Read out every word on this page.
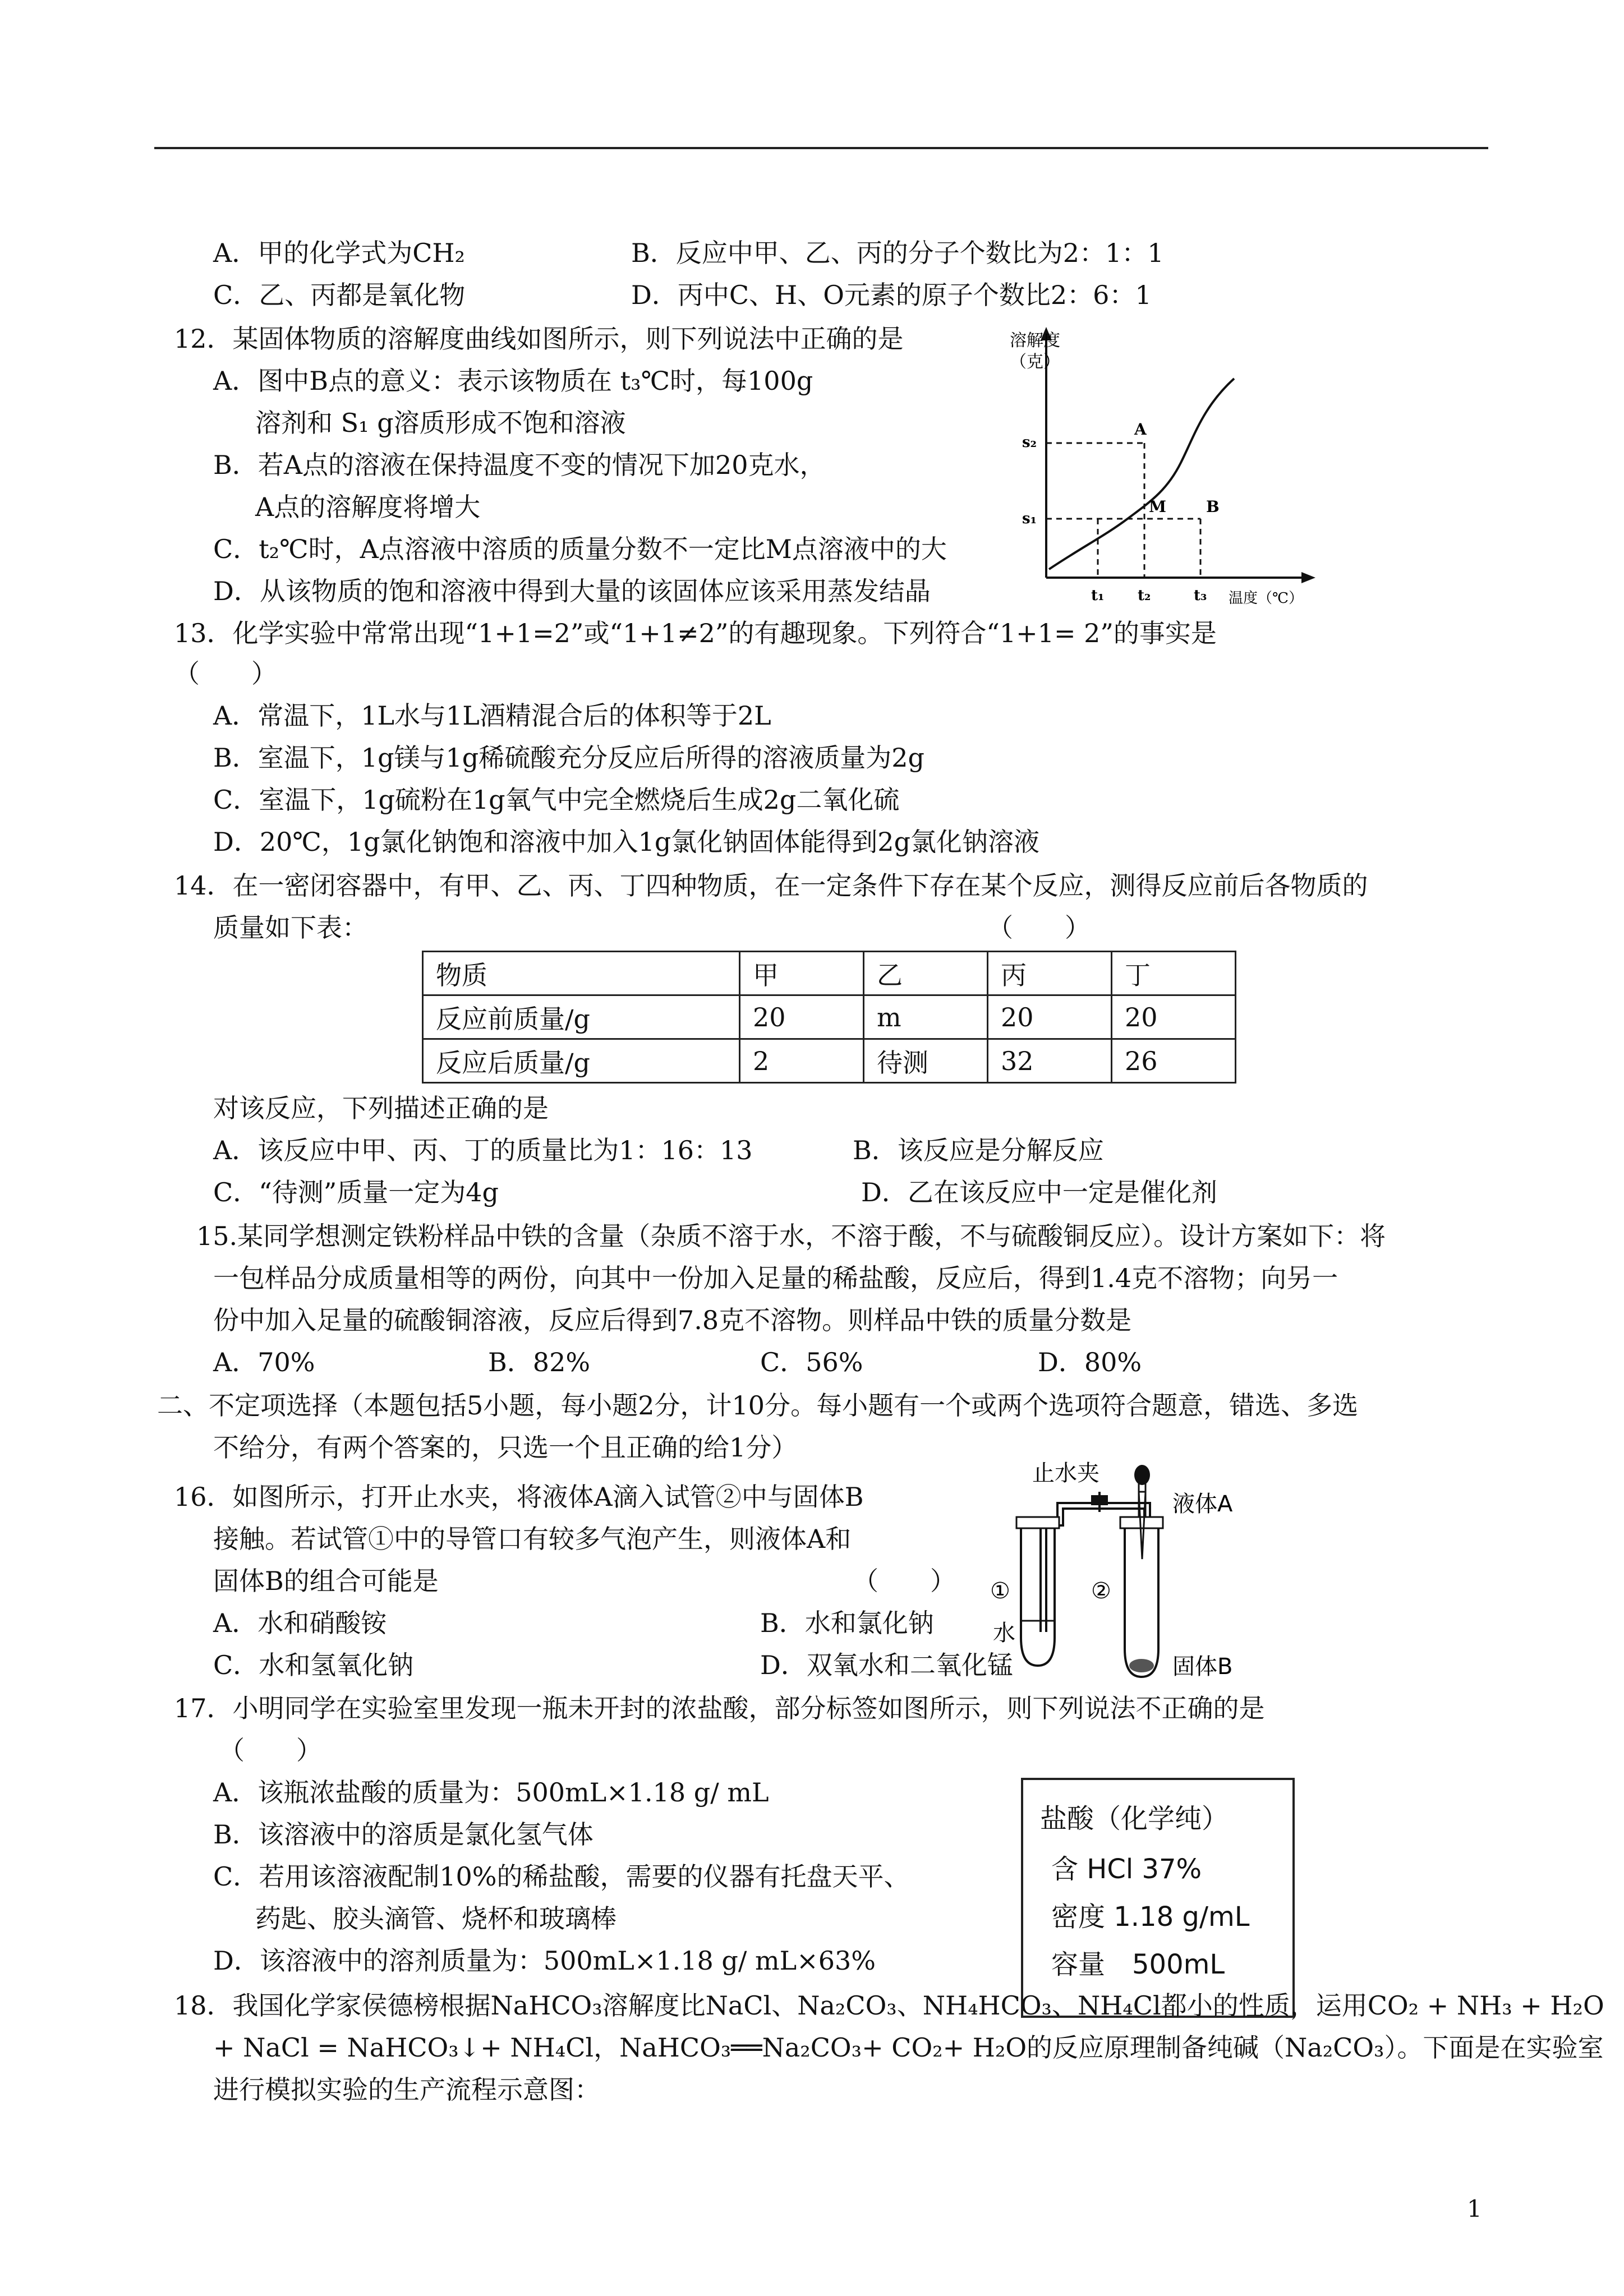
A．甲的化学式为CH₂	B．反应中甲、乙、丙的分子个数比为2：1：1
C．乙、丙都是氧化物	D．丙中C、H、O元素的原子个数比2：6：1
12．某固体物质的溶解度曲线如图所示，则下列说法中正确的是
A．图中B点的意义：表示该物质在 t₃℃时，每100g
溶剂和 S₁ g溶质形成不饱和溶液
B．若A点的溶液在保持温度不变的情况下加20克水，
A点的溶解度将增大
C．t₂℃时，A点溶液中溶质的质量分数不一定比M点溶液中的大
D．从该物质的饱和溶液中得到大量的该固体应该采用蒸发结晶
溶解度
（克）
s₂
s₁
A
M	B
t₁ t₂	t₃ 温度（℃）
13．化学实验中常常出现“1+1=2”或“1+1≠2”的有趣现象。下列符合“1+1= 2”的事实是
（　　）
A．常温下，1L水与1L酒精混合后的体积等于2L
B．室温下，1g镁与1g稀硫酸充分反应后所得的溶液质量为2g
C．室温下，1g硫粉在1g氧气中完全燃烧后生成2g二氧化硫
D．20℃，1g氯化钠饱和溶液中加入1g氯化钠固体能得到2g氯化钠溶液
14．在一密闭容器中，有甲、乙、丙、丁四种物质，在一定条件下存在某个反应，测得反应前后各物质的
质量如下表：	（　　）
物质	甲	乙	丙	丁
反应前质量/g	20	m	20	20
反应后质量/g	2	待测	32	26
对该反应，下列描述正确的是
A．该反应中甲、丙、丁的质量比为1：16：13	B．该反应是分解反应
C．“待测”质量一定为4g	D．乙在该反应中一定是催化剂
15.某同学想测定铁粉样品中铁的含量（杂质不溶于水，不溶于酸，不与硫酸铜反应）。设计方案如下：将
一包样品分成质量相等的两份，向其中一份加入足量的稀盐酸，反应后，得到1.4克不溶物；向另一
份中加入足量的硫酸铜溶液，反应后得到7.8克不溶物。则样品中铁的质量分数是
A．70%	B．82%	C．56%	D．80%
二、不定项选择（本题包括5小题，每小题2分，计10分。每小题有一个或两个选项符合题意，错选、多选
不给分，有两个答案的，只选一个且正确的给1分）
16．如图所示，打开止水夹，将液体A滴入试管②中与固体B
接触。若试管①中的导管口有较多气泡产生，则液体A和
固体B的组合可能是	（　　）
A．水和硝酸铵	B．水和氯化钠
C．水和氢氧化钠	D．双氧水和二氧化锰
止水夹
液体A
①	②
水
固体B
17．小明同学在实验室里发现一瓶未开封的浓盐酸，部分标签如图所示，则下列说法不正确的是
（　　）
A．该瓶浓盐酸的质量为：500mL×1.18 g/ mL
B．该溶液中的溶质是氯化氢气体
C．若用该溶液配制10%的稀盐酸，需要的仪器有托盘天平、
药匙、胶头滴管、烧杯和玻璃棒
D．该溶液中的溶剂质量为：500mL×1.18 g/ mL×63%
盐酸（化学纯）
含 HCl 37%
密度 1.18 g/mL
容量　500mL
18．我国化学家侯德榜根据NaHCO₃溶解度比NaCl、Na₂CO₃、NH₄HCO₃、NH₄Cl都小的性质，运用CO₂ + NH₃ + H₂O
+ NaCl = NaHCO₃↓+ NH₄Cl，NaHCO₃══Na₂CO₃+ CO₂+ H₂O的反应原理制备纯碱（Na₂CO₃）。下面是在实验室
进行模拟实验的生产流程示意图：
1
